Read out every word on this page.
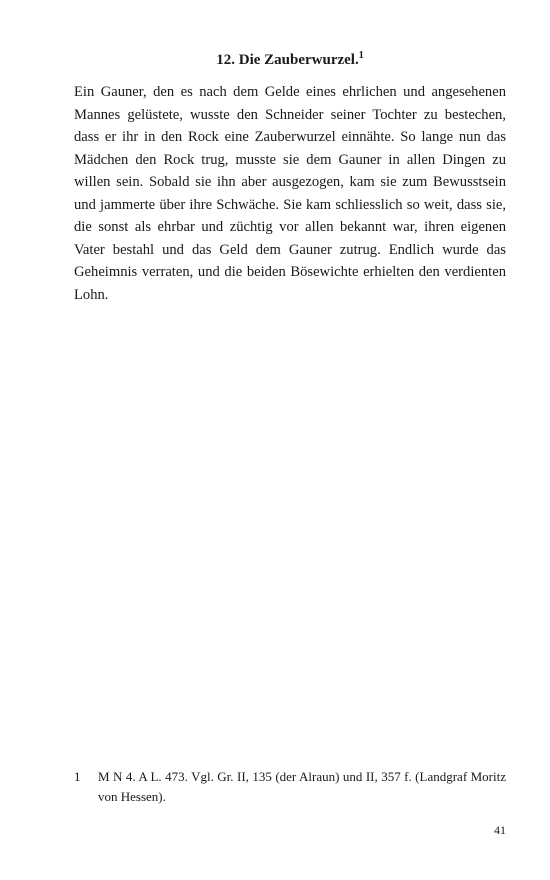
12. Die Zauberwurzel.$^1$

Ein Gauner, den es nach dem Gelde eines ehrlichen und angesehenen Mannes gelüstete, wusste den Schneider seiner Tochter zu bestechen, dass er ihr in den Rock eine Zauberwurzel einnähte. So lange nun das Mädchen den Rock trug, musste sie dem Gauner in allen Dingen zu willen sein. Sobald sie ihn aber ausgezogen, kam sie zum Bewusstsein und jammerte über ihre Schwäche. Sie kam schliesslich so weit, dass sie, die sonst als ehrbar und züchtig vor allen bekannt war, ihren eigenen Vater bestahl und das Geld dem Gauner zutrug. Endlich wurde das Geheimnis verraten, und die beiden Bösewichte erhielten den verdienten Lohn.

1	M N 4. A L. 473. Vgl. Gr. II, 135 (der Alraun) und II, 357 f. (Landgraf Moritz von Hessen).

41
